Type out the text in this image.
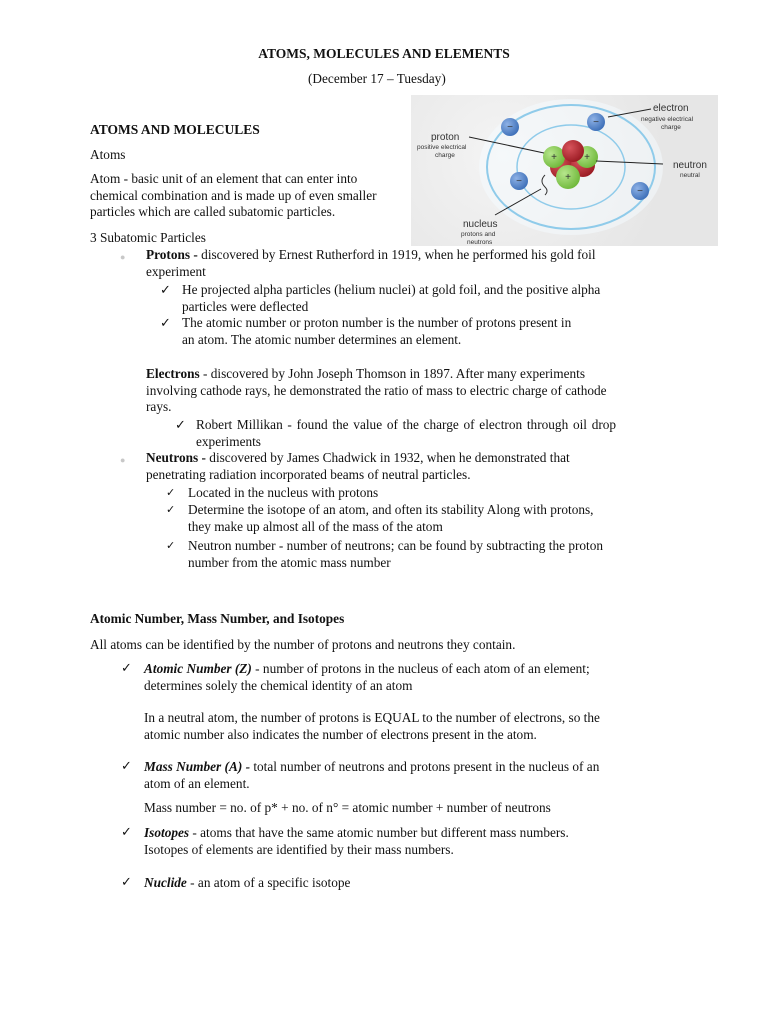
ATOMS, MOLECULES AND ELEMENTS
(December 17 – Tuesday)
ATOMS AND MOLECULES
Atoms
Atom - basic unit of an element that can enter into
chemical combination and is made up of even smaller
particles which are called subatomic particles.
−	−
−
−
+	+
+
proton
positive electrical
charge
electron
negative electrical
charge
neutron
neutral
nucleus
protons and
neutrons
3 Subatomic Particles
● Protons - discovered by Ernest Rutherford in 1919, when he performed his gold foil
experiment
✓ He projected alpha particles (helium nuclei) at gold foil, and the positive alpha
particles were deflected
✓ The atomic number or proton number is the number of protons present in
an atom. The atomic number determines an element.
Electrons - discovered by John Joseph Thomson in 1897. After many experiments
involving cathode rays, he demonstrated the ratio of mass to electric charge of cathode
rays.
✓ Robert Millikan - found the value of the charge of electron through oil drop
experiments
● Neutrons - discovered by James Chadwick in 1932, when he demonstrated that
penetrating radiation incorporated beams of neutral particles.
✓ Located in the nucleus with protons
✓ Determine the isotope of an atom, and often its stability Along with protons,
they make up almost all of the mass of the atom
✓ Neutron number - number of neutrons; can be found by subtracting the proton
number from the atomic mass number
Atomic Number, Mass Number, and Isotopes
All atoms can be identified by the number of protons and neutrons they contain.
✓ Atomic Number (Z) - number of protons in the nucleus of each atom of an element;
determines solely the chemical identity of an atom
In a neutral atom, the number of protons is EQUAL to the number of electrons, so the
atomic number also indicates the number of electrons present in the atom.
✓ Mass Number (A) - total number of neutrons and protons present in the nucleus of an
atom of an element.
Mass number = no. of p* + no. of n° = atomic number + number of neutrons
✓ Isotopes - atoms that have the same atomic number but different mass numbers.
Isotopes of elements are identified by their mass numbers.
✓ Nuclide - an atom of a specific isotope
